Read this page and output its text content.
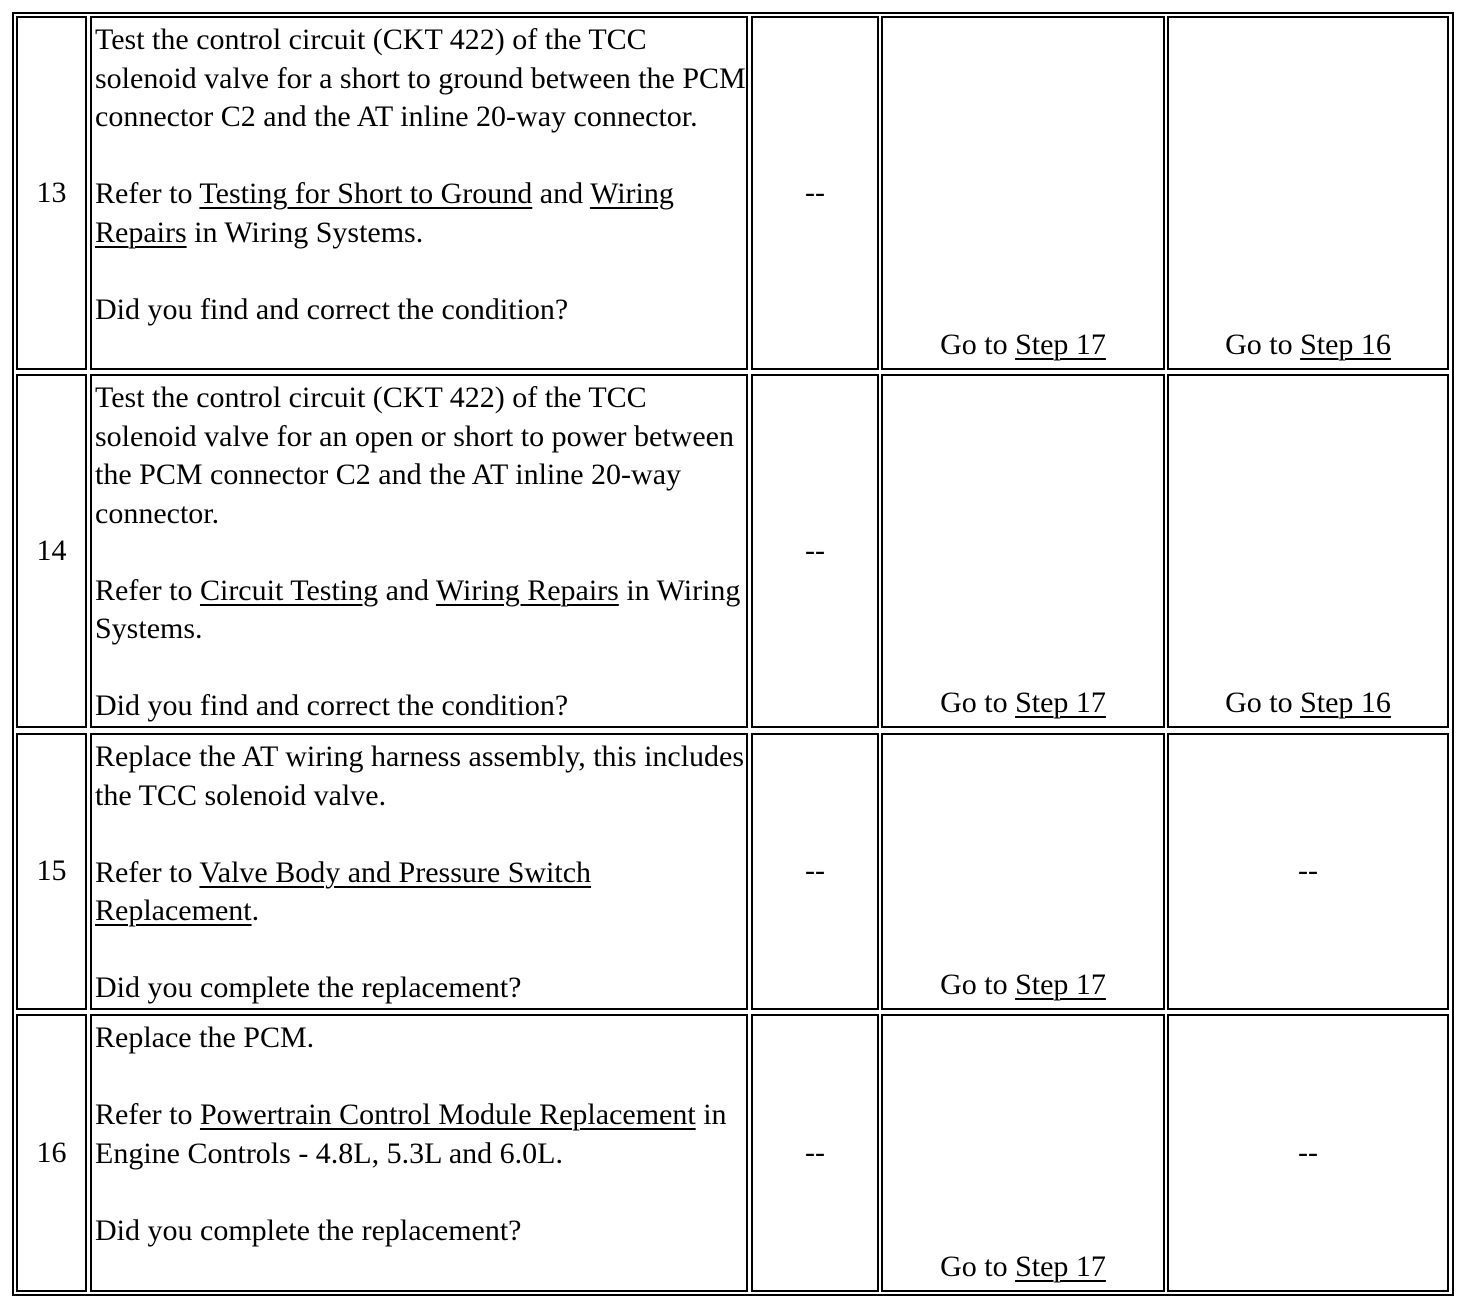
13

Test the control circuit (CKT 422) of the TCC solenoid valve for a short to ground between the PCM connector C2 and the AT inline 20-way connector.

Refer to Testing for Short to Ground and Wiring Repairs in Wiring Systems.

Did you find and correct the condition?

--
Go to Step 17	Go to Step 16
14

Test the control circuit (CKT 422) of the TCC solenoid valve for an open or short to power between the PCM connector C2 and the AT inline 20-way connector.

Refer to Circuit Testing and Wiring Repairs in Wiring Systems.

Did you find and correct the condition?

--
Go to Step 17	Go to Step 16
15

Replace the AT wiring harness assembly, this includes the TCC solenoid valve.

Refer to Valve Body and Pressure Switch Replacement.

Did you complete the replacement?

--
Go to Step 17
--
16

Replace the PCM.

Refer to Powertrain Control Module Replacement in Engine Controls - 4.8L, 5.3L and 6.0L.

Did you complete the replacement?

--
Go to Step 17
--
